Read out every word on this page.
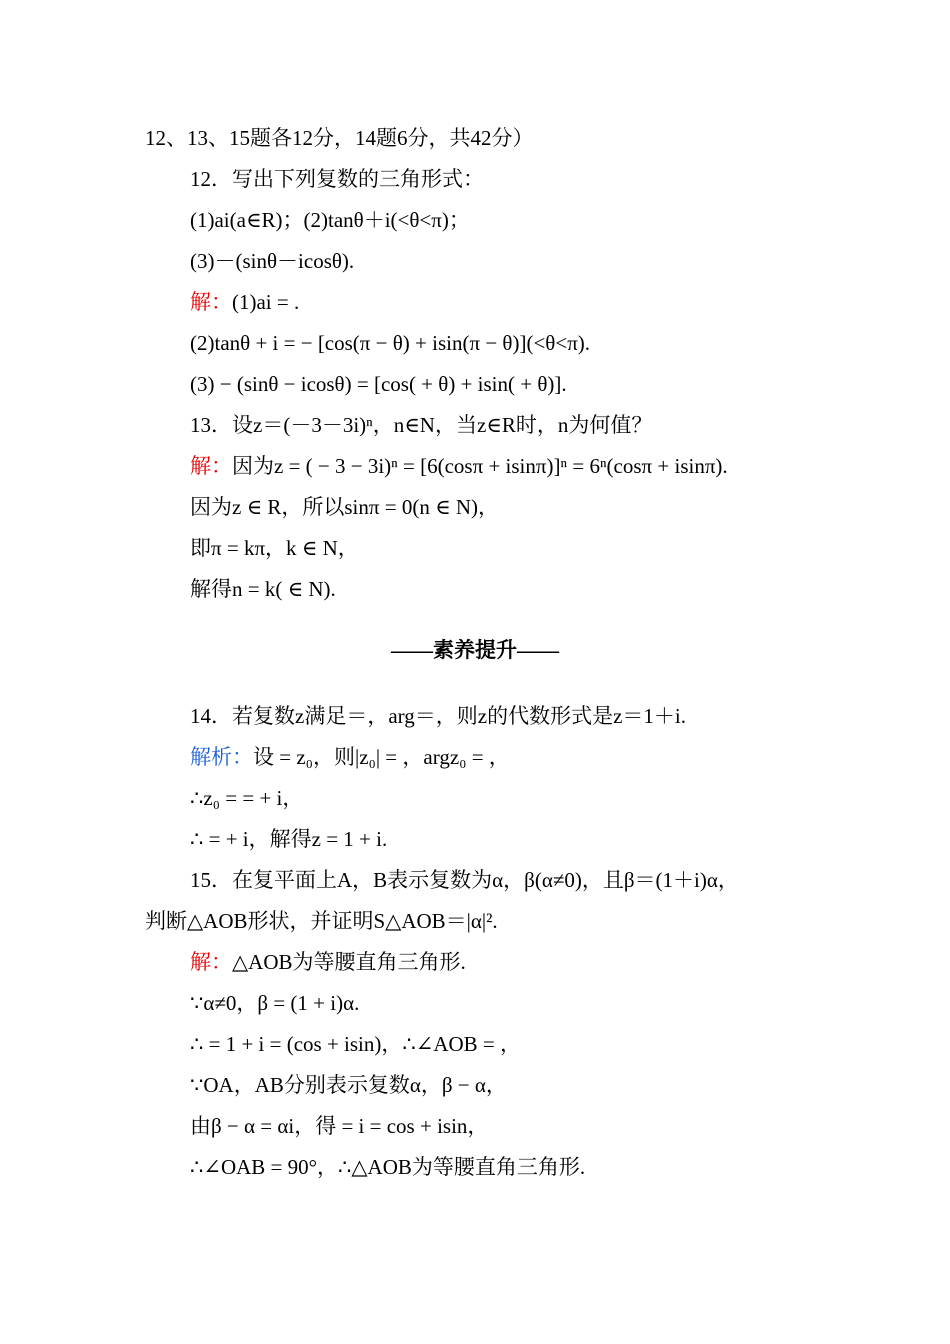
12、13、15题各12分，14题6分，共42分）
12．写出下列复数的三角形式：
(1)ai(a∈R)；(2)tanθ＋i(<θ<π)；
(3)－(sinθ－icosθ).
解：(1)ai = .
(2)tanθ + i = − [cos(π − θ) + isin(π − θ)](<θ<π).
(3) − (sinθ − icosθ) = [cos( + θ) + isin( + θ)].
13．设z＝(－3－3i)ⁿ，n∈N，当z∈R时，n为何值？
解：因为z = ( − 3 − 3i)ⁿ = [6(cosπ + isinπ)]ⁿ = 6ⁿ(cosπ + isinπ).
因为z ∈ R，所以sinπ = 0(n ∈ N)，
即π = kπ，k ∈ N，
解得n = k( ∈ N).
——素养提升——
14．若复数z满足＝，arg＝，则z的代数形式是z＝1＋i.
解析：设 = z₀，则|z₀| = ，argz₀ = ，
∴z₀ = = + i，
∴ = + i，解得z = 1 + i.
15．在复平面上A，B表示复数为α，β(α≠0)，且β＝(1＋i)α，
判断△AOB形状，并证明S△AOB＝|α|².
解：△AOB为等腰直角三角形.
∵α≠0，β = (1 + i)α.
∴ = 1 + i = (cos + isin)，∴∠AOB = ，
∵OA，AB分别表示复数α，β − α，
由β − α = αi，得 = i = cos + isin，
∴∠OAB = 90°，∴△AOB为等腰直角三角形.
